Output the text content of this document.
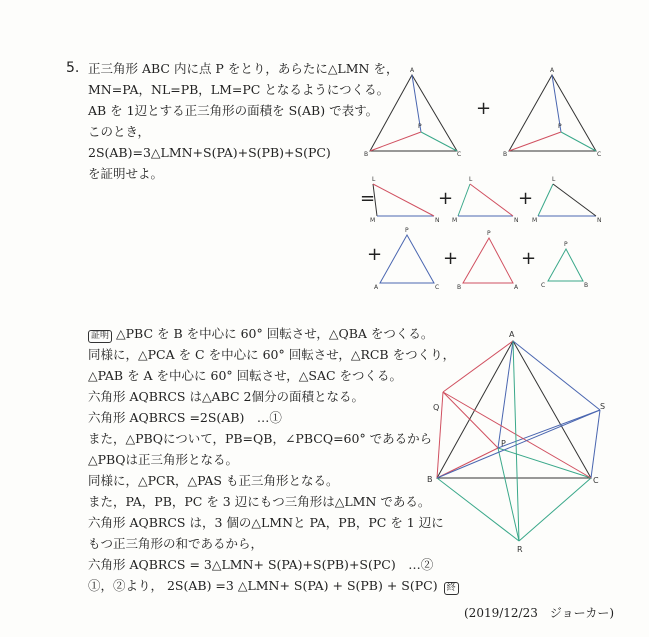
5. 正三角形 ABC 内に点 P をとり，あらたに△LMN を，
MN=PA，NL=PB，LM=PC となるようにつくる。
AB を 1辺とする正三角形の面積を S(AB) で表す。
このとき，
2S(AB)=3△LMN+S(PA)+S(PB)+S(PC)
を証明せよ。
A
B	C
P
A
B	C
P
L
M	N
L
M	N
L
M	N
P
A	C
P
B	A
P
C	B
A
Q	S
P
B	C
R
+
=	+	+
+	+	+
証明 △PBC を B を中心に 60° 回転させ，△QBA をつくる。
同様に，△PCA を C を中心に 60° 回転させ，△RCB をつくり，
△PAB を A を中心に 60° 回転させ，△SAC をつくる。
六角形 AQBRCS は△ABC 2個分の面積となる。
六角形 AQBRCS =2S(AB)　…①
また，△PBQについて，PB=QB，∠PBCQ=60° であるから
△PBQは正三角形となる。
同様に，△PCR，△PAS も正三角形となる。
また，PA，PB，PC を 3 辺にもつ三角形は△LMN である。
六角形 AQBRCS は，3 個の△LMNと PA，PB，PC を 1 辺に
もつ正三角形の和であるから，
六角形 AQBRCS = 3△LMN+ S(PA)+S(PB)+S(PC)　…②
①，②より， 2S(AB) =3 △LMN+ S(PA) + S(PB) + S(PC) 終
(2019/12/23　ジョーカー)
